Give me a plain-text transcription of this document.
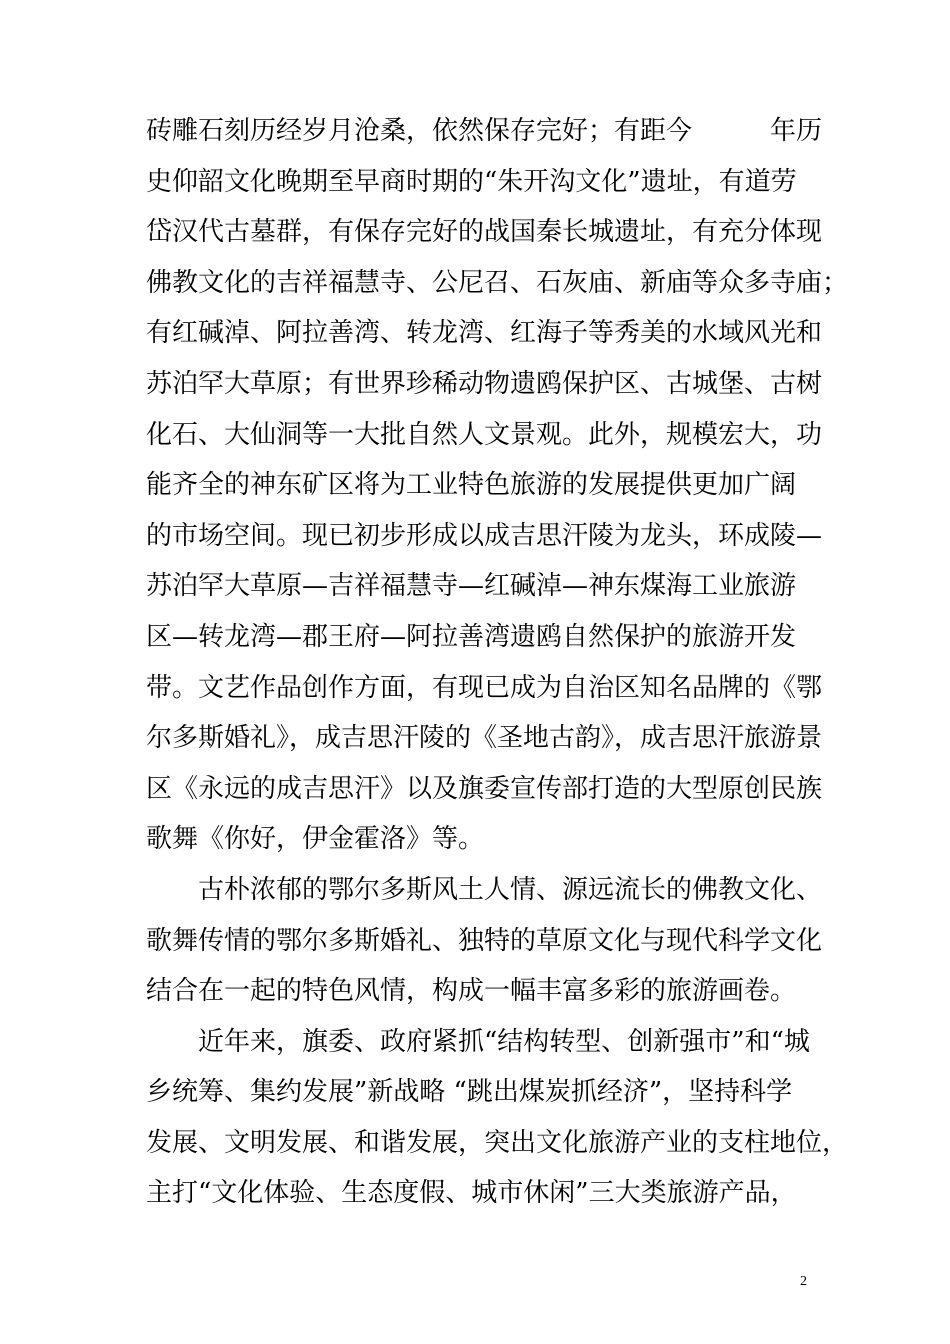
砖雕石刻历经岁月沧桑，依然保存完好；有距今　　　年历
史仰韶文化晚期至早商时期的“朱开沟文化”遗址，有道劳
岱汉代古墓群，有保存完好的战国秦长城遗址，有充分体现
佛教文化的吉祥福慧寺、公尼召、石灰庙、新庙等众多寺庙；
有红碱淖、阿拉善湾、转龙湾、红海子等秀美的水域风光和
苏泊罕大草原；有世界珍稀动物遗鸥保护区、古城堡、古树
化石、大仙洞等一大批自然人文景观。此外，规模宏大，功
能齐全的神东矿区将为工业特色旅游的发展提供更加广阔
的市场空间。现已初步形成以成吉思汗陵为龙头，环成陵—
苏泊罕大草原—吉祥福慧寺—红碱淖—神东煤海工业旅游
区—转龙湾—郡王府—阿拉善湾遗鸥自然保护的旅游开发
带。文艺作品创作方面，有现已成为自治区知名品牌的《鄂
尔多斯婚礼》，成吉思汗陵的《圣地古韵》，成吉思汗旅游景
区《永远的成吉思汗》以及旗委宣传部打造的大型原创民族
歌舞《你好，伊金霍洛》等。
古朴浓郁的鄂尔多斯风土人情、源远流长的佛教文化、
歌舞传情的鄂尔多斯婚礼、独特的草原文化与现代科学文化
结合在一起的特色风情，构成一幅丰富多彩的旅游画卷。
近年来，旗委、政府紧抓“结构转型、创新强市”和“城
乡统筹、集约发展”新战略 “跳出煤炭抓经济”，坚持科学
发展、文明发展、和谐发展，突出文化旅游产业的支柱地位，
主打“文化体验、生态度假、城市休闲”三大类旅游产品，
2
